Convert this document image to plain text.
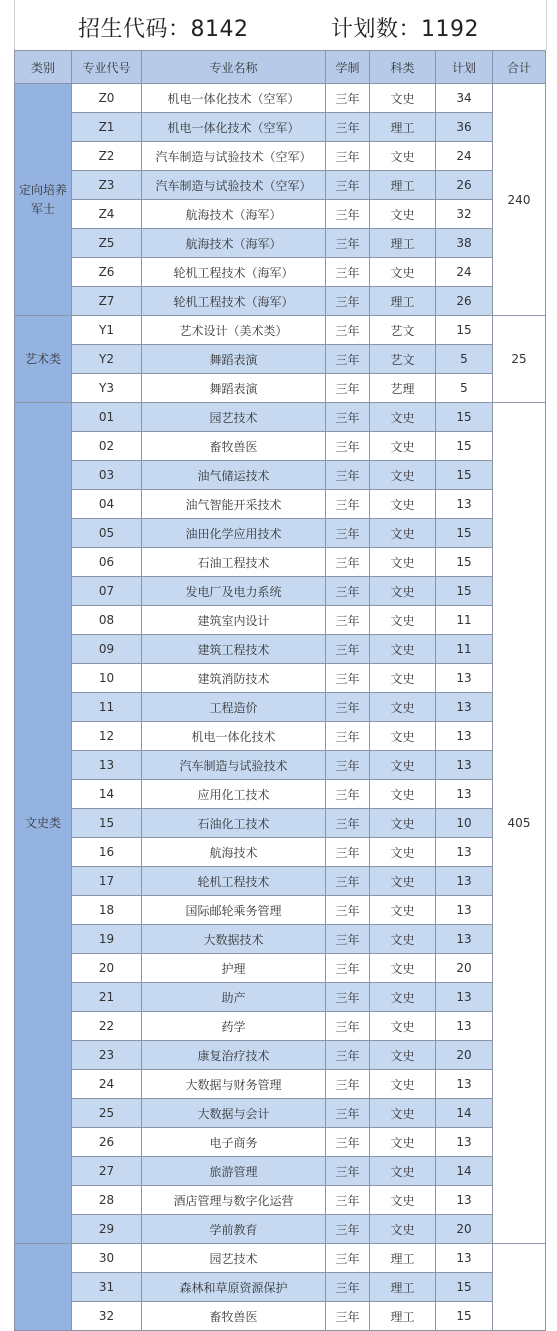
招生代码：8142	计划数：1192
类别	专业代号	专业名称	学制	科类	计划	合计
定向培养军士	Z0	机电一体化技术（空军）	三年	文史	34	240
	Z1	机电一体化技术（空军）	三年	理工	36	
	Z2	汽车制造与试验技术（空军）	三年	文史	24	
	Z3	汽车制造与试验技术（空军）	三年	理工	26	
	Z4	航海技术（海军）	三年	文史	32	
	Z5	航海技术（海军）	三年	理工	38	
	Z6	轮机工程技术（海军）	三年	文史	24	
	Z7	轮机工程技术（海军）	三年	理工	26	
艺术类	Y1	艺术设计（美术类）	三年	艺文	15	25
	Y2	舞蹈表演	三年	艺文	5	
	Y3	舞蹈表演	三年	艺理	5	
文史类	01	园艺技术	三年	文史	15	405
	02	畜牧兽医	三年	文史	15	
	03	油气储运技术	三年	文史	15	
	04	油气智能开采技术	三年	文史	13	
	05	油田化学应用技术	三年	文史	15	
	06	石油工程技术	三年	文史	15	
	07	发电厂及电力系统	三年	文史	15	
	08	建筑室内设计	三年	文史	11	
	09	建筑工程技术	三年	文史	11	
	10	建筑消防技术	三年	文史	13	
	11	工程造价	三年	文史	13	
	12	机电一体化技术	三年	文史	13	
	13	汽车制造与试验技术	三年	文史	13	
	14	应用化工技术	三年	文史	13	
	15	石油化工技术	三年	文史	10	
	16	航海技术	三年	文史	13	
	17	轮机工程技术	三年	文史	13	
	18	国际邮轮乘务管理	三年	文史	13	
	19	大数据技术	三年	文史	13	
	20	护理	三年	文史	20	
	21	助产	三年	文史	13	
	22	药学	三年	文史	13	
	23	康复治疗技术	三年	文史	20	
	24	大数据与财务管理	三年	文史	13	
	25	大数据与会计	三年	文史	14	
	26	电子商务	三年	文史	13	
	27	旅游管理	三年	文史	14	
	28	酒店管理与数字化运营	三年	文史	13	
	29	学前教育	三年	文史	20	
	30	园艺技术	三年	理工	13	
	31	森林和草原资源保护	三年	理工	15	
	32	畜牧兽医	三年	理工	15	
